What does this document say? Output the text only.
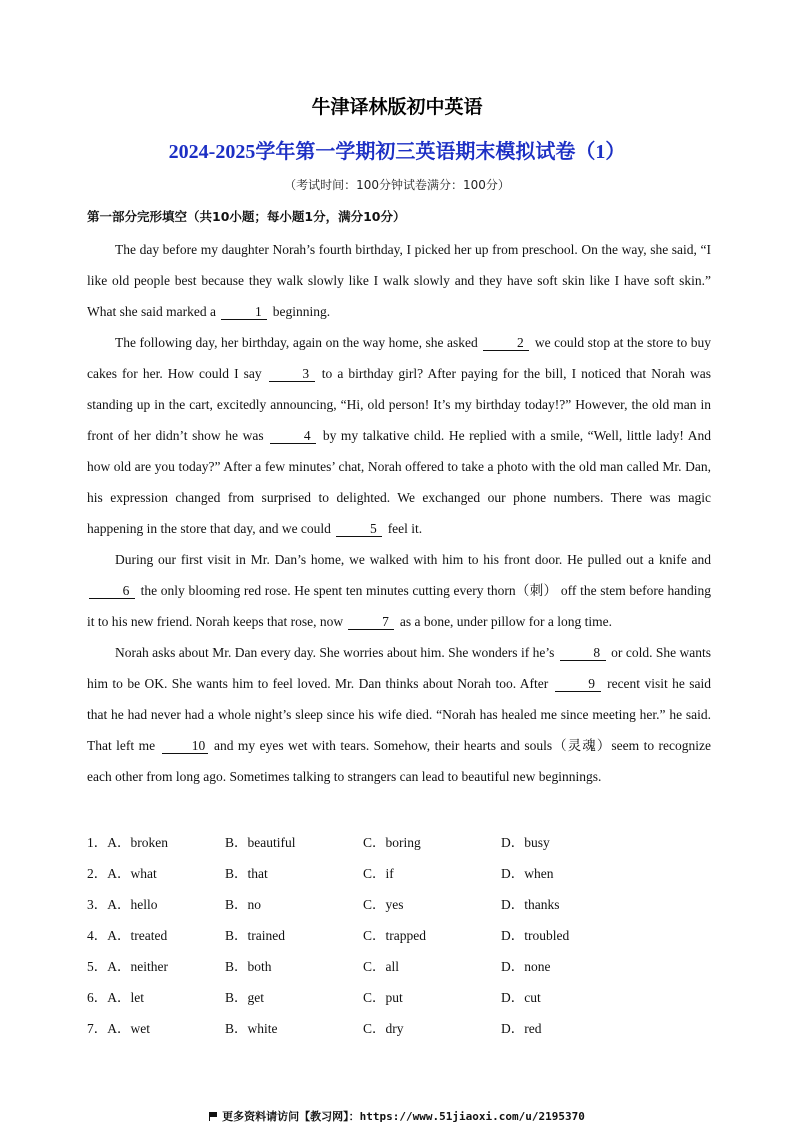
牛津译林版初中英语
2024-2025学年第一学期初三英语期末模拟试卷（1）
（考试时间：100分钟试卷满分：100分）
第一部分完形填空（共10小题；每小题1分，满分10分）

The day before my daughter Norah’s fourth birthday, I picked her up from preschool. On the way, she said, “I like old people best because they walk slowly like I walk slowly and they have soft skin like I have soft skin.” What she said marked a	1 beginning.

The following day, her birthday, again on the way home, she asked	2 we could stop at the store to buy cakes for her. How could I say	3 to a birthday girl? After paying for the bill, I noticed that Norah was standing up in the cart, excitedly announcing, “Hi, old person! It’s my birthday today!?” However, the old man in front of her didn’t show he was	4 by my talkative child. He replied with a smile, “Well, little lady! And how old are you today?” After a few minutes’ chat, Norah offered to take a photo with the old man called Mr. Dan, his expression changed from surprised to delighted. We exchanged our phone numbers. There was magic happening in the store that day, and we could	5 feel it.

During our first visit in Mr. Dan’s home, we walked with him to his front door. He pulled out a knife and 6 the only blooming red rose. He spent ten minutes cutting every thorn（刺） off the stem before handing it to his new friend. Norah keeps that rose, now	7 as a bone, under pillow for a long time.

Norah asks about Mr. Dan every day. She worries about him. She wonders if he’s	8 or cold. She wants him to be OK. She wants him to feel loved. Mr. Dan thinks about Norah too. After	9 recent visit he said that he had never had a whole night’s sleep since his wife died. “Norah has healed me since meeting her.” he said. That left me	10 and my eyes wet with tears. Somehow, their hearts and souls（灵魂）seem to recognize each other from long ago. Sometimes talking to strangers can lead to beautiful new beginnings.

1．A．broken	B．beautiful	C．boring	D．busy
2．A．what	B．that	C．if	D．when
3．A．hello	B．no	C．yes	D．thanks
4．A．treated	B．trained	C．trapped	D．troubled
5．A．neither	B．both	C．all	D．none
6．A．let	B．get	C．put	D．cut
7．A．wet	B．white	C．dry	D．red
更多资料请访问【教习网】：https://www.51jiaoxi.com/u/2195370
